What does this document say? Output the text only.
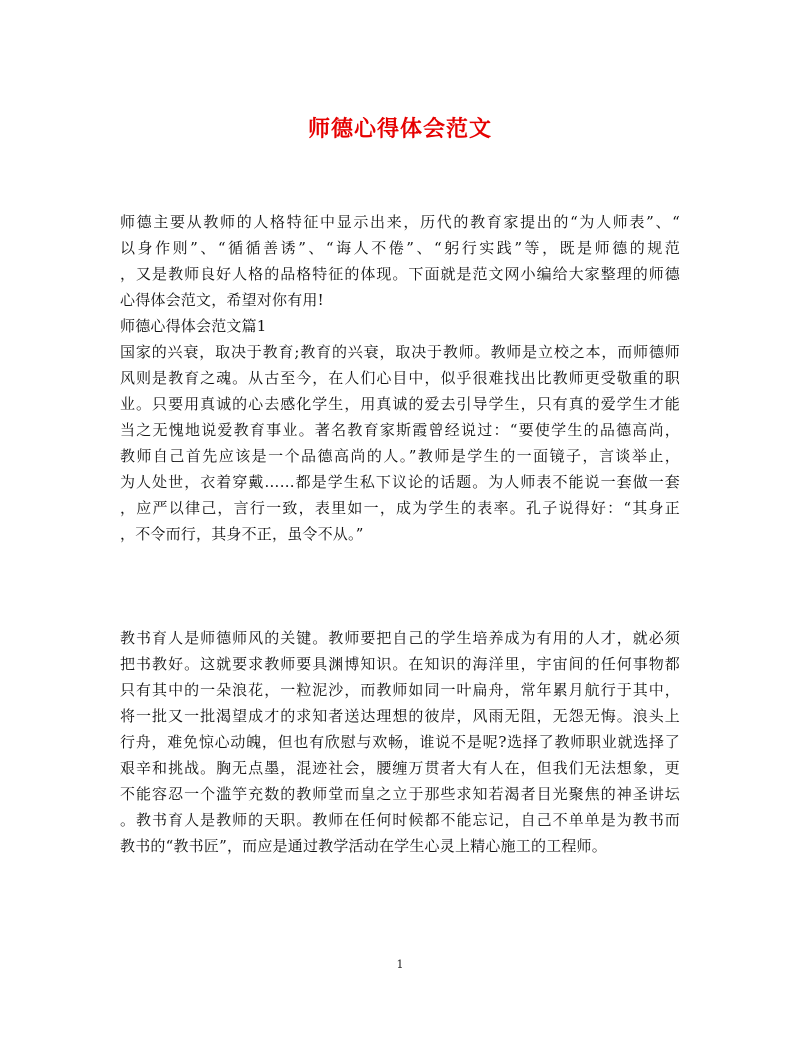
师德心得体会范文
师德主要从教师的人格特征中显示出来，历代的教育家提出的“为人师表”、“
以身作则”、“循循善诱”、“诲人不倦”、“躬行实践”等，既是师德的规范
，又是教师良好人格的品格特征的体现。下面就是范文网小编给大家整理的师德
心得体会范文，希望对你有用!
师德心得体会范文篇1
国家的兴衰，取决于教育;教育的兴衰，取决于教师。教师是立校之本，而师德师
风则是教育之魂。从古至今，在人们心目中，似乎很难找出比教师更受敬重的职
业。只要用真诚的心去感化学生，用真诚的爱去引导学生，只有真的爱学生才能
当之无愧地说爱教育事业。著名教育家斯霞曾经说过：“要使学生的品德高尚，
教师自己首先应该是一个品德高尚的人。”教师是学生的一面镜子，言谈举止，
为人处世，衣着穿戴……都是学生私下议论的话题。为人师表不能说一套做一套
，应严以律己，言行一致，表里如一，成为学生的表率。孔子说得好：“其身正
，不令而行，其身不正，虽令不从。”
教书育人是师德师风的关键。教师要把自己的学生培养成为有用的人才，就必须
把书教好。这就要求教师要具渊博知识。在知识的海洋里，宇宙间的任何事物都
只有其中的一朵浪花，一粒泥沙，而教师如同一叶扁舟，常年累月航行于其中，
将一批又一批渴望成才的求知者送达理想的彼岸，风雨无阻，无怨无悔。浪头上
行舟，难免惊心动魄，但也有欣慰与欢畅，谁说不是呢?选择了教师职业就选择了
艰辛和挑战。胸无点墨，混迹社会，腰缠万贯者大有人在，但我们无法想象，更
不能容忍一个滥竽充数的教师堂而皇之立于那些求知若渴者目光聚焦的神圣讲坛
。教书育人是教师的天职。教师在任何时候都不能忘记，自己不单单是为教书而
教书的“教书匠”，而应是通过教学活动在学生心灵上精心施工的工程师。
1
